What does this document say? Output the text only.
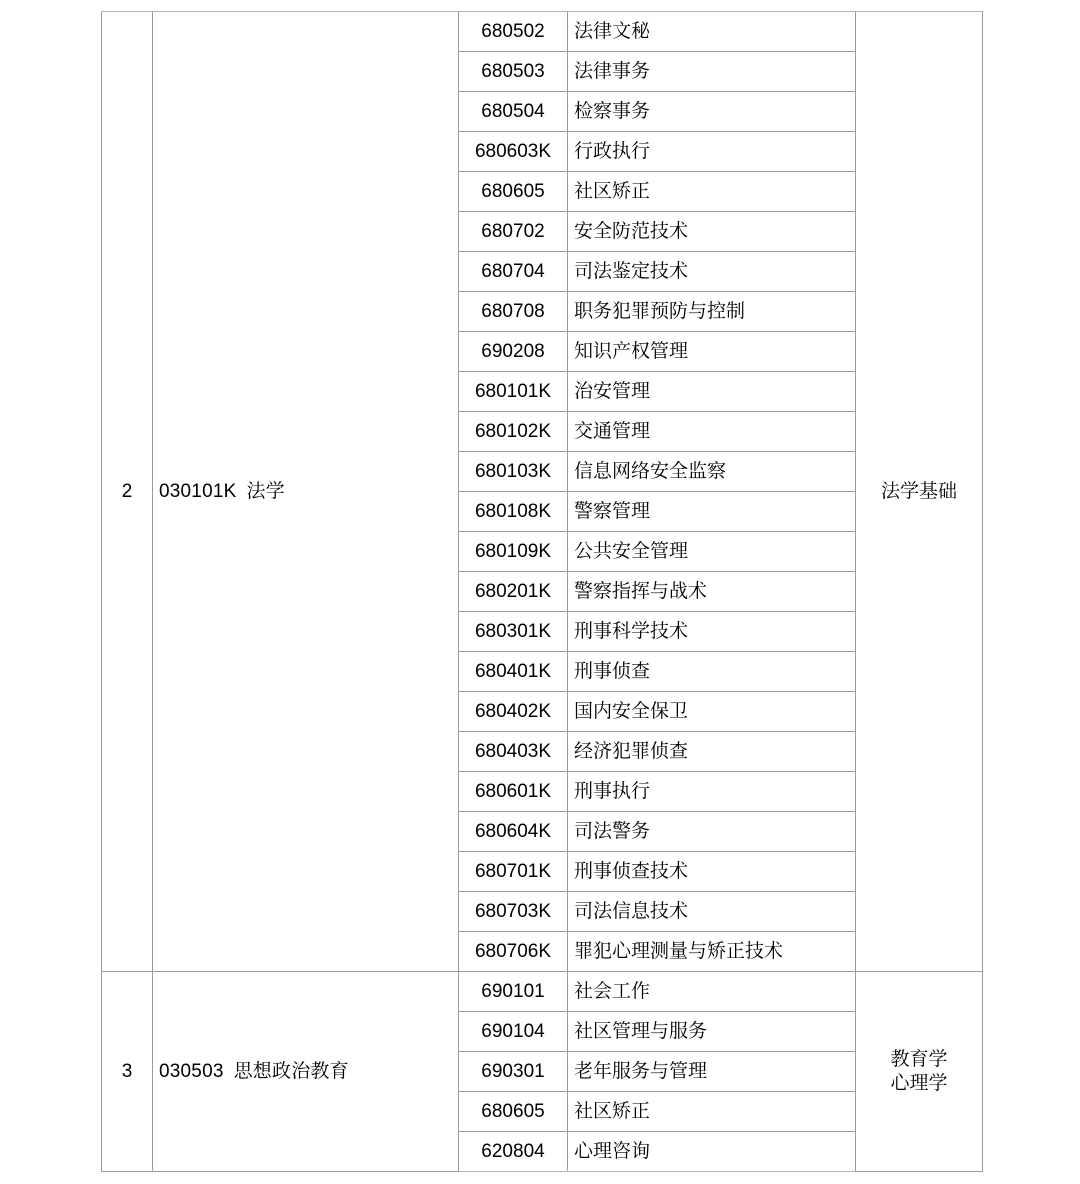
2	030101K 法学	680502	法律文秘	法学基础

		680503	法律事务	
		680504	检察事务	
		680603K	行政执行	
		680605	社区矫正	
		680702	安全防范技术	
		680704	司法鉴定技术	
		680708	职务犯罪预防与控制	
		690208	知识产权管理	
		680101K	治安管理	
		680102K	交通管理	
		680103K	信息网络安全监察	
		680108K	警察管理	
		680109K	公共安全管理	
		680201K	警察指挥与战术	
		680301K	刑事科学技术	
		680401K	刑事侦查	
		680402K	国内安全保卫	
		680403K	经济犯罪侦查	
		680601K	刑事执行	
		680604K	司法警务	
		680701K	刑事侦查技术	
		680703K	司法信息技术	
		680706K	罪犯心理测量与矫正技术	
3	030503 思想政治教育	690101	社会工作	教育学
心理学

		690104	社区管理与服务	
		690301	老年服务与管理	
		680605	社区矫正	
		620804	心理咨询	
